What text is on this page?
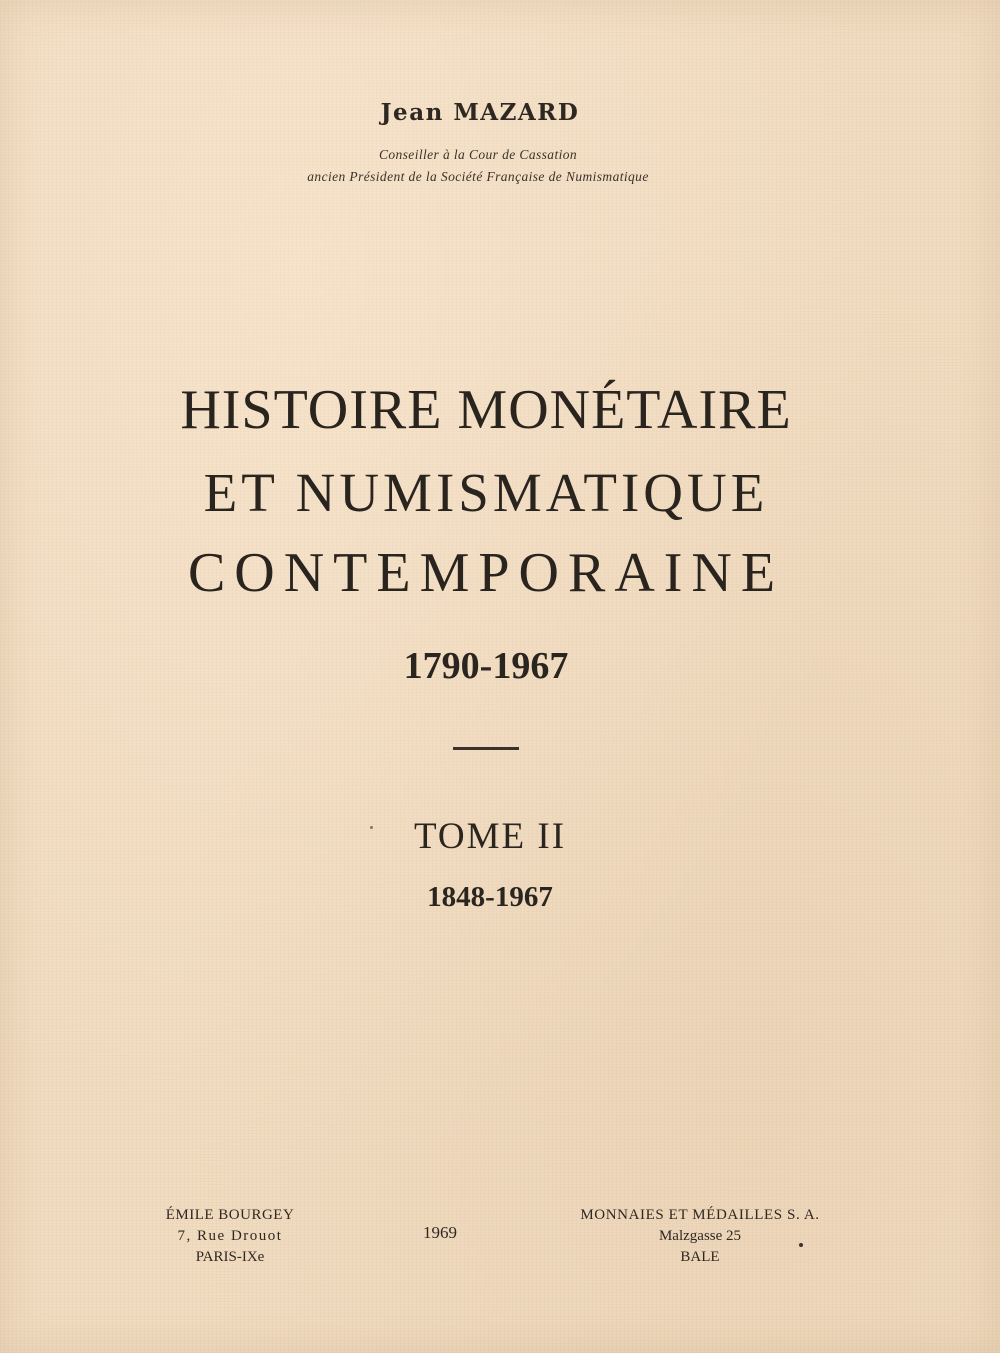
Jean MAZARD
Conseiller à la Cour de Cassation
ancien Président de la Société Française de Numismatique
HISTOIRE MONÉTAIRE
ET NUMISMATIQUE
CONTEMPORAINE
1790-1967
TOME II
1848-1967
ÉMILE BOURGEY
7, Rue Drouot
PARIS-IXe
1969
MONNAIES ET MÉDAILLES S. A.
Malzgasse 25
BALE
